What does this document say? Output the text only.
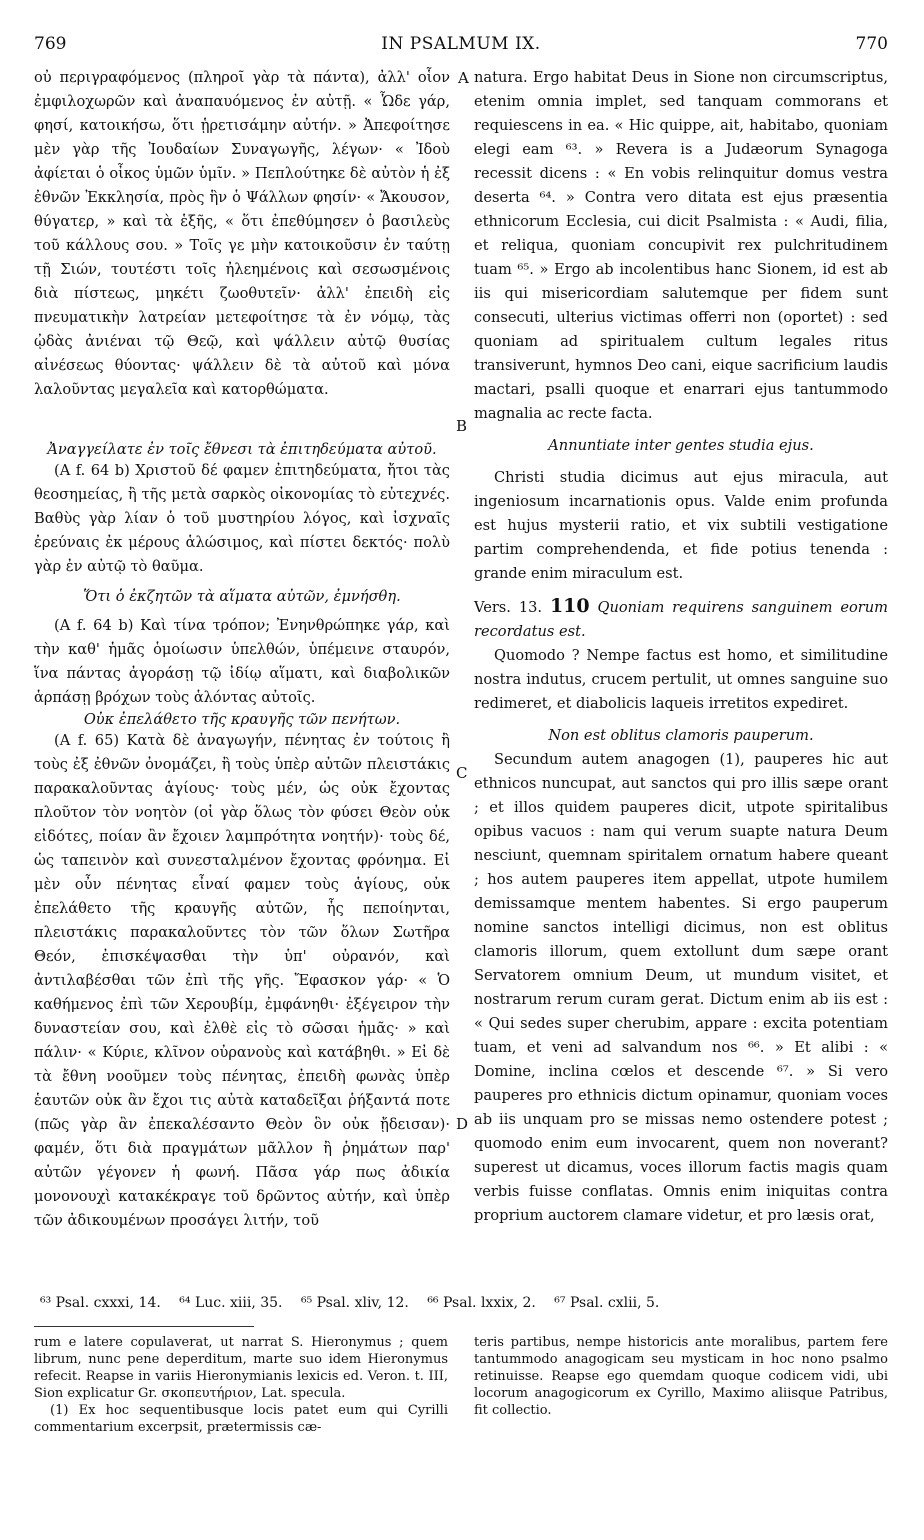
769	IN PSALMUM IX.	770
A
B
C
D

οὐ περιγραφόμενος (πληροῖ γὰρ τὰ πάντα), ἀλλ' οἷον ἐμφιλοχωρῶν καὶ ἀναπαυόμενος ἐν αὐτῇ. « Ὧδε γάρ, φησί, κατοικήσω, ὅτι ᾑρετισάμην αὐτήν. » Ἀπεφοίτησε μὲν γὰρ τῆς Ἰουδαίων Συναγωγῆς, λέγων· « Ἰδοὺ ἀφίεται ὁ οἶκος ὑμῶν ὑμῖν. » Πεπλούτηκε δὲ αὐτὸν ἡ ἐξ ἐθνῶν Ἐκκλησία, πρὸς ἣν ὁ Ψάλλων φησίν· « Ἄκουσον, θύγατερ, » καὶ τὰ ἑξῆς, « ὅτι ἐπεθύμησεν ὁ βασιλεὺς τοῦ κάλλους σου. » Τοῖς γε μὴν κατοικοῦσιν ἐν ταύτῃ τῇ Σιών, τουτέστι τοῖς ἠλεημένοις καὶ σεσωσμένοις διὰ πίστεως, μηκέτι ζωοθυτεῖν· ἀλλ' ἐπειδὴ εἰς πνευματικὴν λατρείαν μετεφοίτησε τὰ ἐν νόμῳ, τὰς ᾠδὰς ἀνιέναι τῷ Θεῷ, καὶ ψάλλειν αὐτῷ θυσίας αἰνέσεως θύοντας· ψάλλειν δὲ τὰ αὐτοῦ καὶ μόνα λαλοῦντας μεγαλεῖα καὶ κατορθώματα.

Ἀναγγείλατε ἐν τοῖς ἔθνεσι τὰ ἐπιτηδεύματα αὐτοῦ.

(A f. 64 b) Χριστοῦ δέ φαμεν ἐπιτηδεύματα, ἤτοι τὰς θεοσημείας, ἢ τῆς μετὰ σαρκὸς οἰκονομίας τὸ εὐτεχνές. Βαθὺς γὰρ λίαν ὁ τοῦ μυστηρίου λόγος, καὶ ἰσχναῖς ἐρεύναις ἐκ μέρους ἁλώσιμος, καὶ πίστει δεκτός· πολὺ γὰρ ἐν αὐτῷ τὸ θαῦμα.

Ὅτι ὁ ἐκζητῶν τὰ αἵματα αὐτῶν, ἐμνήσθη.

(A f. 64 b) Καὶ τίνα τρόπον; Ἐνηνθρώπηκε γάρ, καὶ τὴν καθ' ἡμᾶς ὁμοίωσιν ὑπελθών, ὑπέμεινε σταυρόν, ἵνα πάντας ἀγοράσῃ τῷ ἰδίῳ αἵματι, καὶ διαβολικῶν ἁρπάσῃ βρόχων τοὺς ἁλόντας αὐτοῖς.

Οὐκ ἐπελάθετο τῆς κραυγῆς τῶν πενήτων.

(A f. 65) Κατὰ δὲ ἀναγωγήν, πένητας ἐν τούτοις ἢ τοὺς ἐξ ἐθνῶν ὀνομάζει, ἢ τοὺς ὑπὲρ αὐτῶν πλειστάκις παρακαλοῦντας ἁγίους· τοὺς μέν, ὡς οὐκ ἔχοντας πλοῦτον τὸν νοητὸν (οἱ γὰρ ὅλως τὸν φύσει Θεὸν οὐκ εἰδότες, ποίαν ἂν ἔχοιεν λαμπρότητα νοητήν)· τοὺς δέ, ὡς ταπεινὸν καὶ συνεσταλμένον ἔχοντας φρόνημα. Εἰ μὲν οὖν πένητας εἶναί φαμεν τοὺς ἁγίους, οὐκ ἐπελάθετο τῆς κραυγῆς αὐτῶν, ἧς πεποίηνται, πλειστάκις παρακαλοῦντες τὸν τῶν ὅλων Σωτῆρα Θεόν, ἐπισκέψασθαι τὴν ὑπ' οὐρανόν, καὶ ἀντιλαβέσθαι τῶν ἐπὶ τῆς γῆς. Ἔφασκον γάρ· « Ὁ καθήμενος ἐπὶ τῶν Χερουβίμ, ἐμφάνηθι· ἐξέγειρον τὴν δυναστείαν σου, καὶ ἐλθὲ εἰς τὸ σῶσαι ἡμᾶς· » καὶ πάλιν· « Κύριε, κλῖνον οὐρανοὺς καὶ κατάβηθι. » Εἰ δὲ τὰ ἔθνη νοοῦμεν τοὺς πένητας, ἐπειδὴ φωνὰς ὑπὲρ ἑαυτῶν οὐκ ἂν ἔχοι τις αὐτὰ καταδεῖξαι ῥήξαντά ποτε (πῶς γὰρ ἂν ἐπεκαλέσαντο Θεὸν ὃν οὐκ ᾔδεισαν)· φαμέν, ὅτι διὰ πραγμάτων μᾶλλον ἢ ῥημάτων παρ' αὐτῶν γέγονεν ἡ φωνή. Πᾶσα γάρ πως ἀδικία μονονουχὶ κατακέκραγε τοῦ δρῶντος αὐτήν, καὶ ὑπὲρ τῶν ἀδικουμένων προσάγει λιτήν, τοῦ

natura. Ergo habitat Deus in Sione non circumscriptus, etenim omnia implet, sed tanquam commorans et requiescens in ea. « Hic quippe, ait, habitabo, quoniam elegi eam ⁶³. » Revera is a Judæorum Synagoga recessit dicens : « En vobis relinquitur domus vestra deserta ⁶⁴. » Contra vero ditata est ejus præsentia ethnicorum Ecclesia, cui dicit Psalmista : « Audi, filia, et reliqua, quoniam concupivit rex pulchritudinem tuam ⁶⁵. » Ergo ab incolentibus hanc Sionem, id est ab iis qui misericordiam salutemque per fidem sunt consecuti, ulterius victimas offerri non (oportet) : sed quoniam ad spiritualem cultum legales ritus transiverunt, hymnos Deo cani, eique sacrificium laudis mactari, psalli quoque et enarrari ejus tantummodo magnalia ac recte facta.

Annuntiate inter gentes studia ejus.

Christi studia dicimus aut ejus miracula, aut ingeniosum incarnationis opus. Valde enim profunda est hujus mysterii ratio, et vix subtili vestigatione partim comprehendenda, et fide potius tenenda : grande enim miraculum est.

Vers. 13. 110 Quoniam requirens sanguinem eorum recordatus est.

Quomodo ? Nempe factus est homo, et similitudine nostra indutus, crucem pertulit, ut omnes sanguine suo redimeret, et diabolicis laqueis irretitos expediret.

Non est oblitus clamoris pauperum.

Secundum autem anagogen (1), pauperes hic aut ethnicos nuncupat, aut sanctos qui pro illis sæpe orant ; et illos quidem pauperes dicit, utpote spiritalibus opibus vacuos : nam qui verum suapte natura Deum nesciunt, quemnam spiritalem ornatum habere queant ; hos autem pauperes item appellat, utpote humilem demissamque mentem habentes. Si ergo pauperum nomine sanctos intelligi dicimus, non est oblitus clamoris illorum, quem extollunt dum sæpe orant Servatorem omnium Deum, ut mundum visitet, et nostrarum rerum curam gerat. Dictum enim ab iis est : « Qui sedes super cherubim, appare : excita potentiam tuam, et veni ad salvandum nos ⁶⁶. » Et alibi : « Domine, inclina cœlos et descende ⁶⁷. » Si vero pauperes pro ethnicis dictum opinamur, quoniam voces ab iis unquam pro se missas nemo ostendere potest ; quomodo enim eum invocarent, quem non noverant? superest ut dicamus, voces illorum factis magis quam verbis fuisse conflatas. Omnis enim iniquitas contra proprium auctorem clamare videtur, et pro læsis orat,

⁶³ Psal. cxxxi, 14. ⁶⁴ Luc. xiii, 35. ⁶⁵ Psal. xliv, 12. ⁶⁶ Psal. lxxix, 2. ⁶⁷ Psal. cxlii, 5.

rum e latere copulaverat, ut narrat S. Hieronymus ; quem librum, nunc pene deperditum, marte suo idem Hieronymus refecit. Reapse in variis Hieronymianis lexicis ed. Veron. t. III, Sion explicatur Gr. σκοπευτήριον, Lat. specula.

(1) Ex hoc sequentibusque locis patet eum qui Cyrilli commentarium excerpsit, prætermissis cæ-

teris partibus, nempe historicis ante moralibus, partem fere tantummodo anagogicam seu mysticam in hoc nono psalmo retinuisse. Reapse ego quemdam quoque codicem vidi, ubi locorum anagogicorum ex Cyrillo, Maximo aliisque Patribus, fit collectio.
